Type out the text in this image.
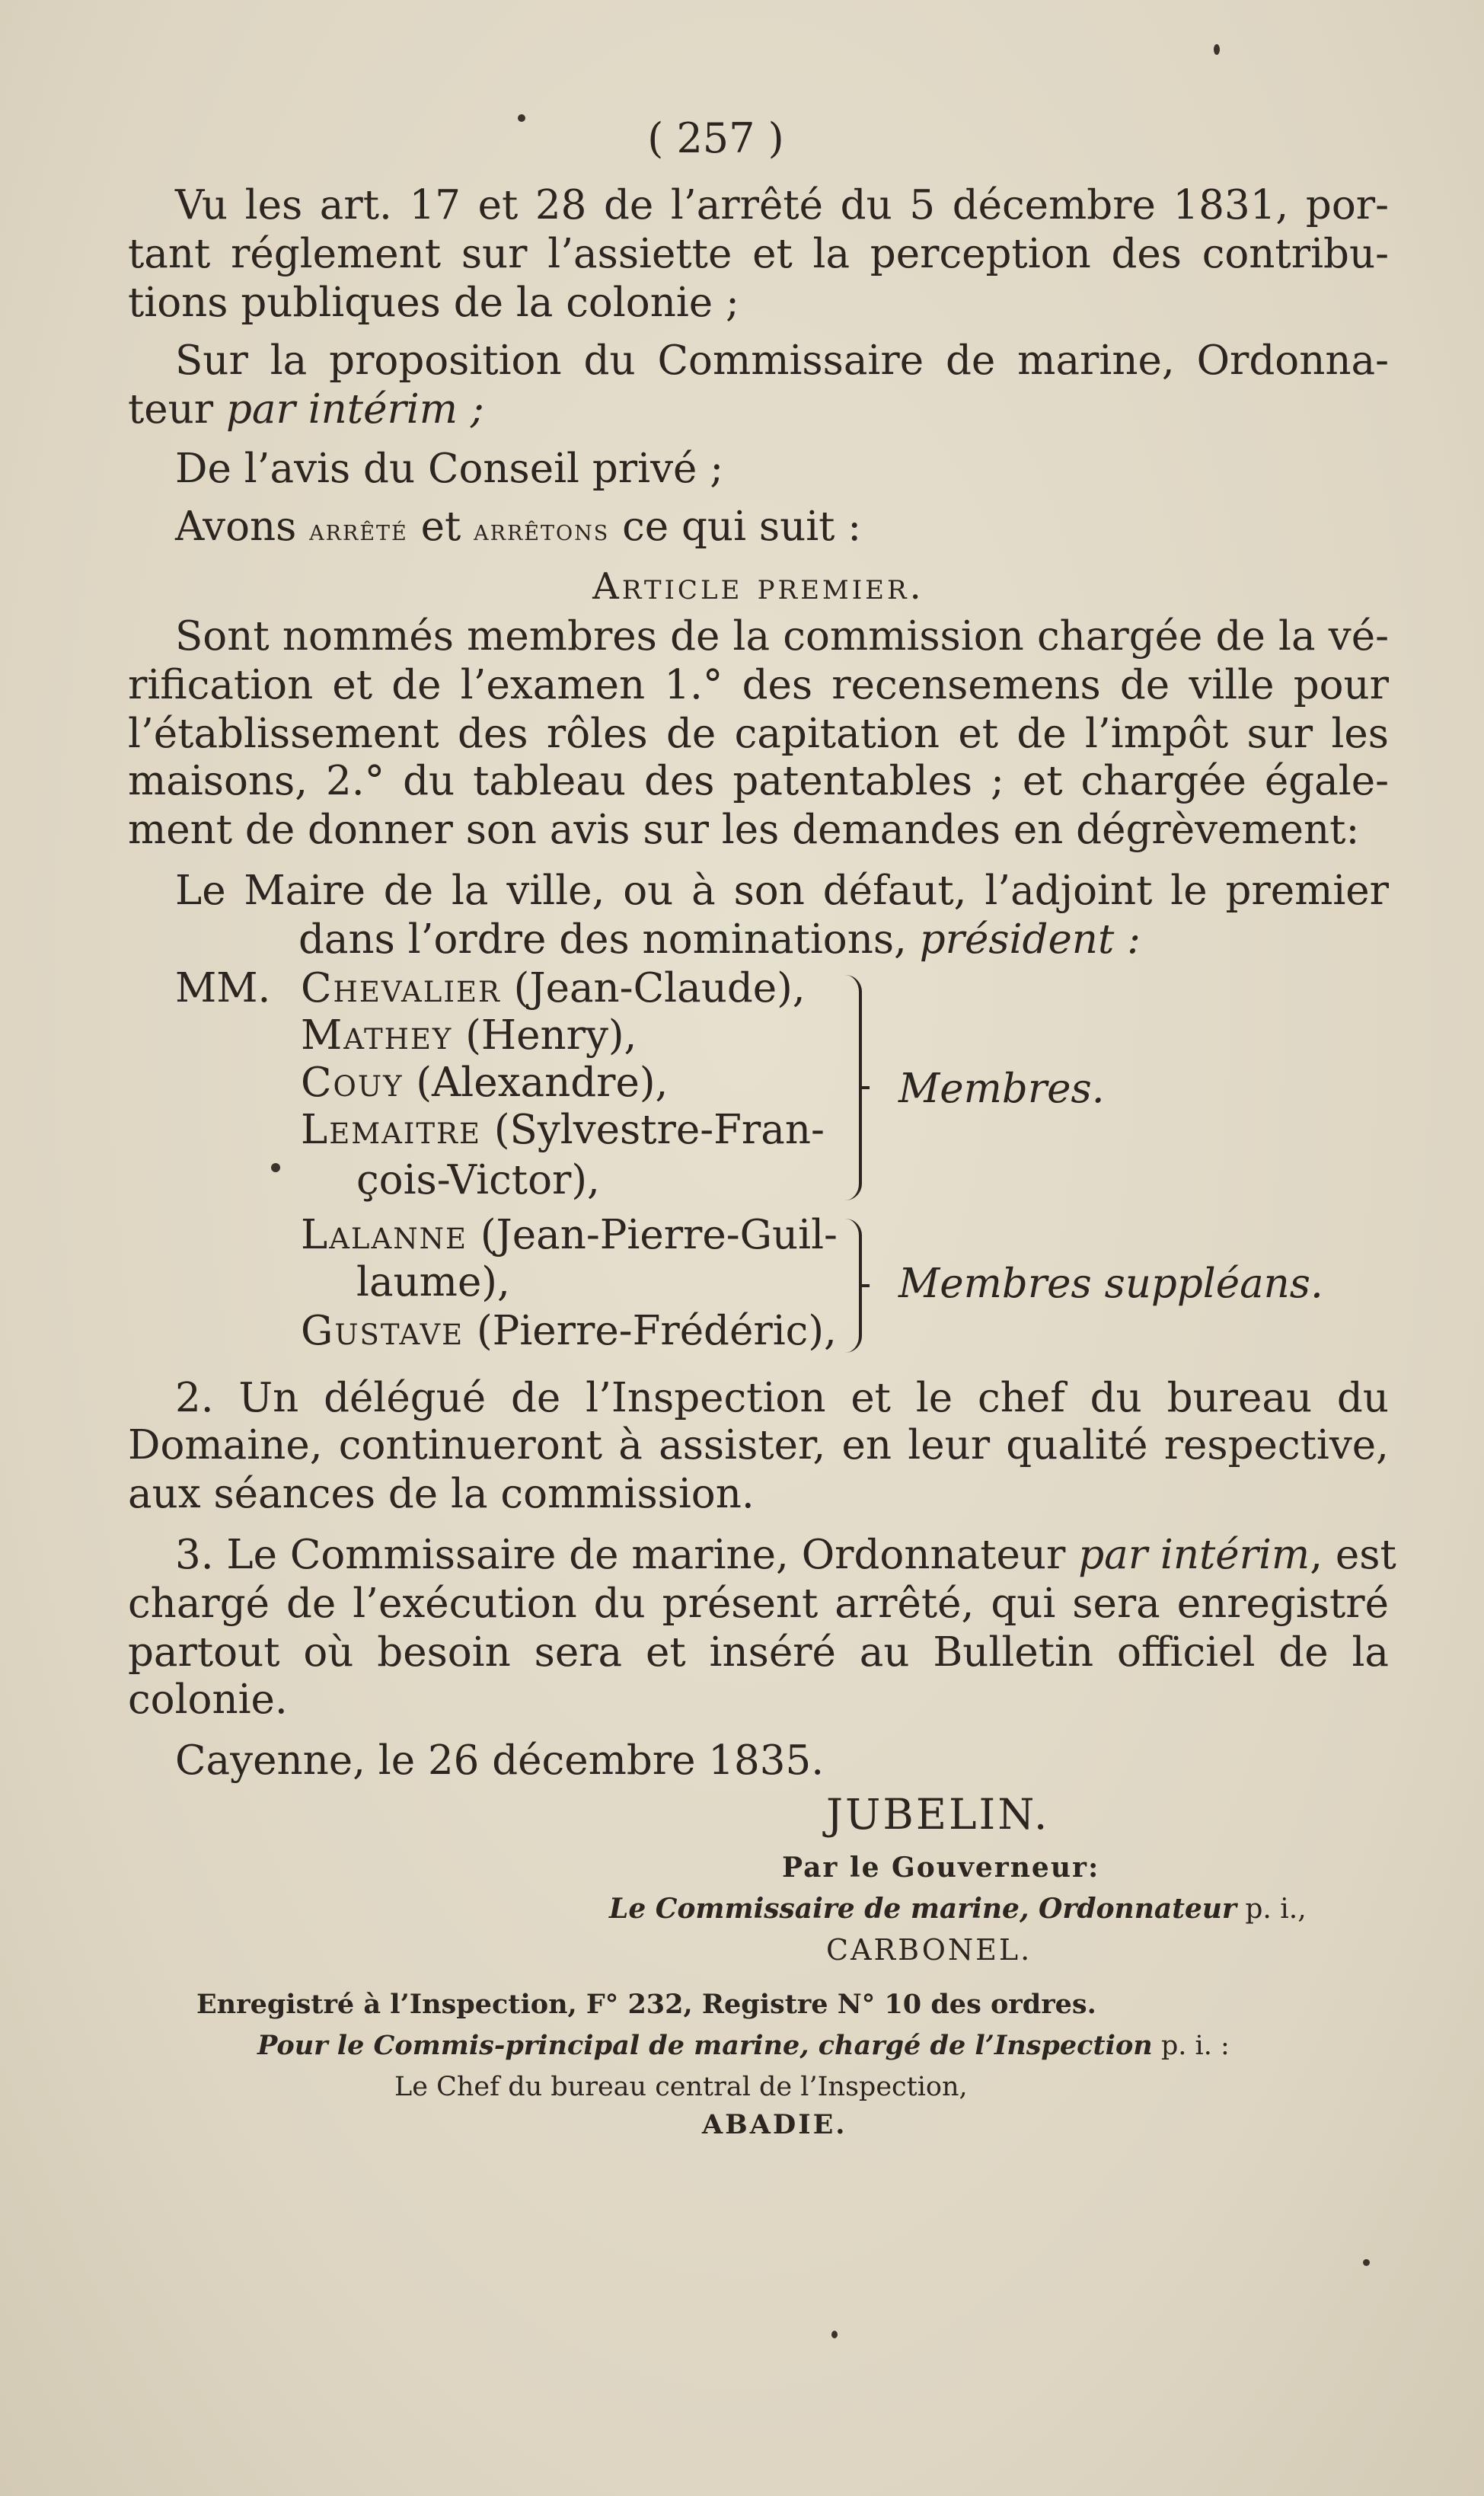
( 257 )
Vu les art. 17 et 28 de l’arrêté du 5 décembre 1831, por-
tant réglement sur l’assiette et la perception des contribu-
tions publiques de la colonie ;
Sur la proposition du Commissaire de marine, Ordonna-
teur par intérim ;
De l’avis du Conseil privé ;
Avons arrêté et arrêtons ce qui suit :
Article premier.
Sont nommés membres de la commission chargée de la vé-
rification et de l’examen 1.° des recensemens de ville pour
l’établissement des rôles de capitation et de l’impôt sur les
maisons, 2.° du tableau des patentables ; et chargée égale-
ment de donner son avis sur les demandes en dégrèvement:
Le Maire de la ville, ou à son défaut, l’adjoint le premier
dans l’ordre des nominations, président :
MM. Chevalier (Jean-Claude),
Mathey (Henry),
Couy (Alexandre),
Lemaitre (Sylvestre-Fran-
çois-Victor),
Membres.
Lalanne (Jean-Pierre-Guil-
laume),
Gustave (Pierre-Frédéric),
Membres suppléans.
2. Un délégué de l’Inspection et le chef du bureau du
Domaine, continueront à assister, en leur qualité respective,
aux séances de la commission.
3. Le Commissaire de marine, Ordonnateur par intérim, est
chargé de l’exécution du présent arrêté, qui sera enregistré
partout où besoin sera et inséré au Bulletin officiel de la
colonie.
Cayenne, le 26 décembre 1835.
JUBELIN.
Par le Gouverneur:
Le Commissaire de marine, Ordonnateur p. i.,
CARBONEL.
Enregistré à l’Inspection, F° 232, Registre N° 10 des ordres.
Pour le Commis-principal de marine, chargé de l’Inspection p. i. :
Le Chef du bureau central de l’Inspection,
ABADIE.
